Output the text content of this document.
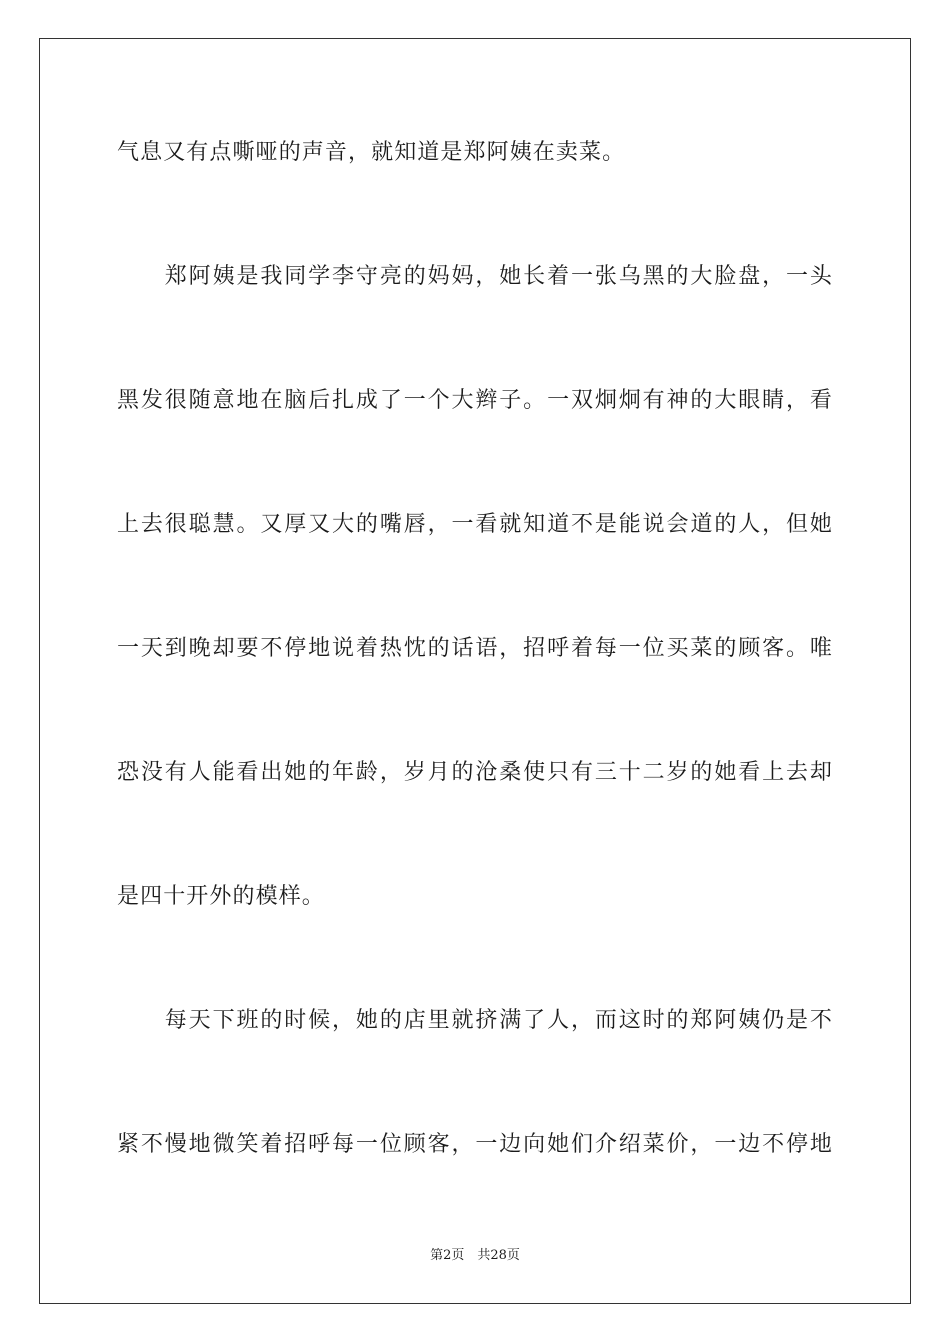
气息又有点嘶哑的声音，就知道是郑阿姨在卖菜。
　　郑阿姨是我同学李守亮的妈妈，她长着一张乌黑的大脸盘，一头
黑发很随意地在脑后扎成了一个大辫子。一双炯炯有神的大眼睛，看
上去很聪慧。又厚又大的嘴唇，一看就知道不是能说会道的人，但她
一天到晚却要不停地说着热忱的话语，招呼着每一位买菜的顾客。唯
恐没有人能看出她的年龄，岁月的沧桑使只有三十二岁的她看上去却
是四十开外的模样。
　　每天下班的时候，她的店里就挤满了人，而这时的郑阿姨仍是不
紧不慢地微笑着招呼每一位顾客，一边向她们介绍菜价，一边不停地
第2页　共28页
